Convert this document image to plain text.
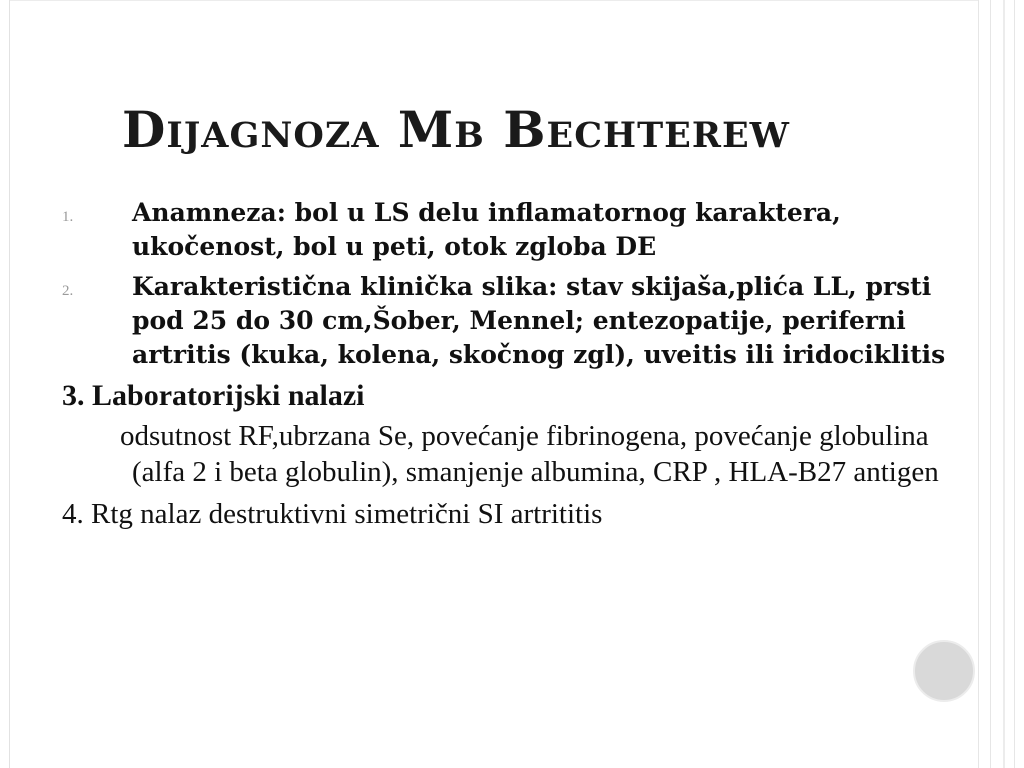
Dijagnoza Mb Bechterew
1. Anamneza: bol u LS delu inflamatornog karaktera, ukočenost, bol u peti, otok zgloba DE
2. Karakteristična klinička slika: stav skijaša,plića LL, prsti pod 25 do 30 cm,Šober, Mennel; entezopatije, periferni artritis (kuka, kolena, skočnog zgl), uveitis ili iridociklitis
3. Laboratorijski nalazi
odsutnost RF,ubrzana Se, povećanje fibrinogena, povećanje globulina (alfa 2 i beta globulin), smanjenje albumina, CRP , HLA-B27 antigen
4. Rtg nalaz destruktivni simetrični SI artrititis
